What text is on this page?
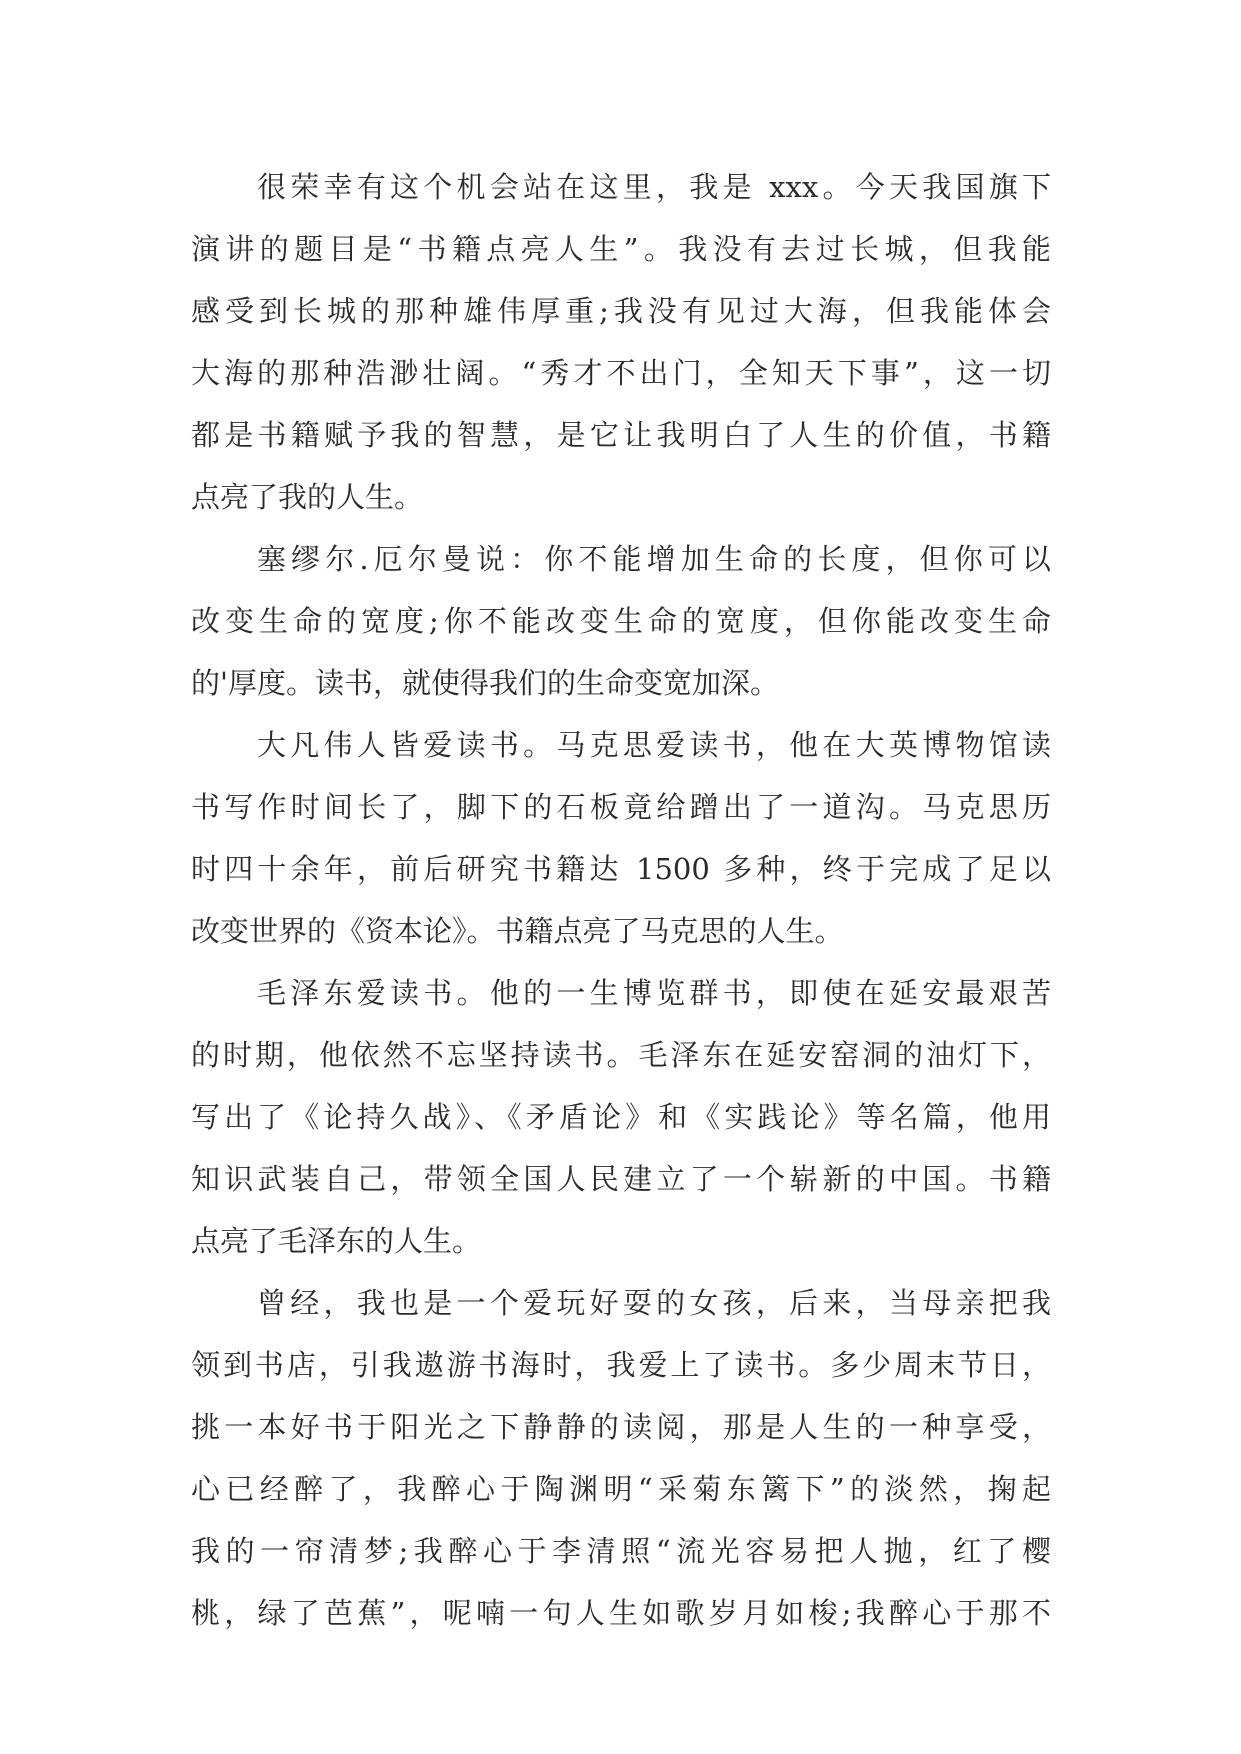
很荣幸有这个机会站在这里，我是 xxx。今天我国旗下
演讲的题目是“书籍点亮人生”。我没有去过长城，但我能
感受到长城的那种雄伟厚重;我没有见过大海，但我能体会
大海的那种浩渺壮阔。“秀才不出门，全知天下事”，这一切
都是书籍赋予我的智慧，是它让我明白了人生的价值，书籍
点亮了我的人生。
塞缪尔.厄尔曼说：你不能增加生命的长度，但你可以
改变生命的宽度;你不能改变生命的宽度，但你能改变生命
的'厚度。读书，就使得我们的生命变宽加深。
大凡伟人皆爱读书。马克思爱读书，他在大英博物馆读
书写作时间长了，脚下的石板竟给蹭出了一道沟。马克思历
时四十余年，前后研究书籍达 1500 多种，终于完成了足以
改变世界的《资本论》。书籍点亮了马克思的人生。
毛泽东爱读书。他的一生博览群书，即使在延安最艰苦
的时期，他依然不忘坚持读书。毛泽东在延安窑洞的油灯下，
写出了《论持久战》、《矛盾论》和《实践论》等名篇，他用
知识武装自己，带领全国人民建立了一个崭新的中国。书籍
点亮了毛泽东的人生。
曾经，我也是一个爱玩好耍的女孩，后来，当母亲把我
领到书店，引我遨游书海时，我爱上了读书。多少周末节日，
挑一本好书于阳光之下静静的读阅，那是人生的一种享受，
心已经醉了，我醉心于陶渊明“采菊东篱下”的淡然，掬起
我的一帘清梦;我醉心于李清照“流光容易把人抛，红了樱
桃，绿了芭蕉”，呢喃一句人生如歌岁月如梭;我醉心于那不
